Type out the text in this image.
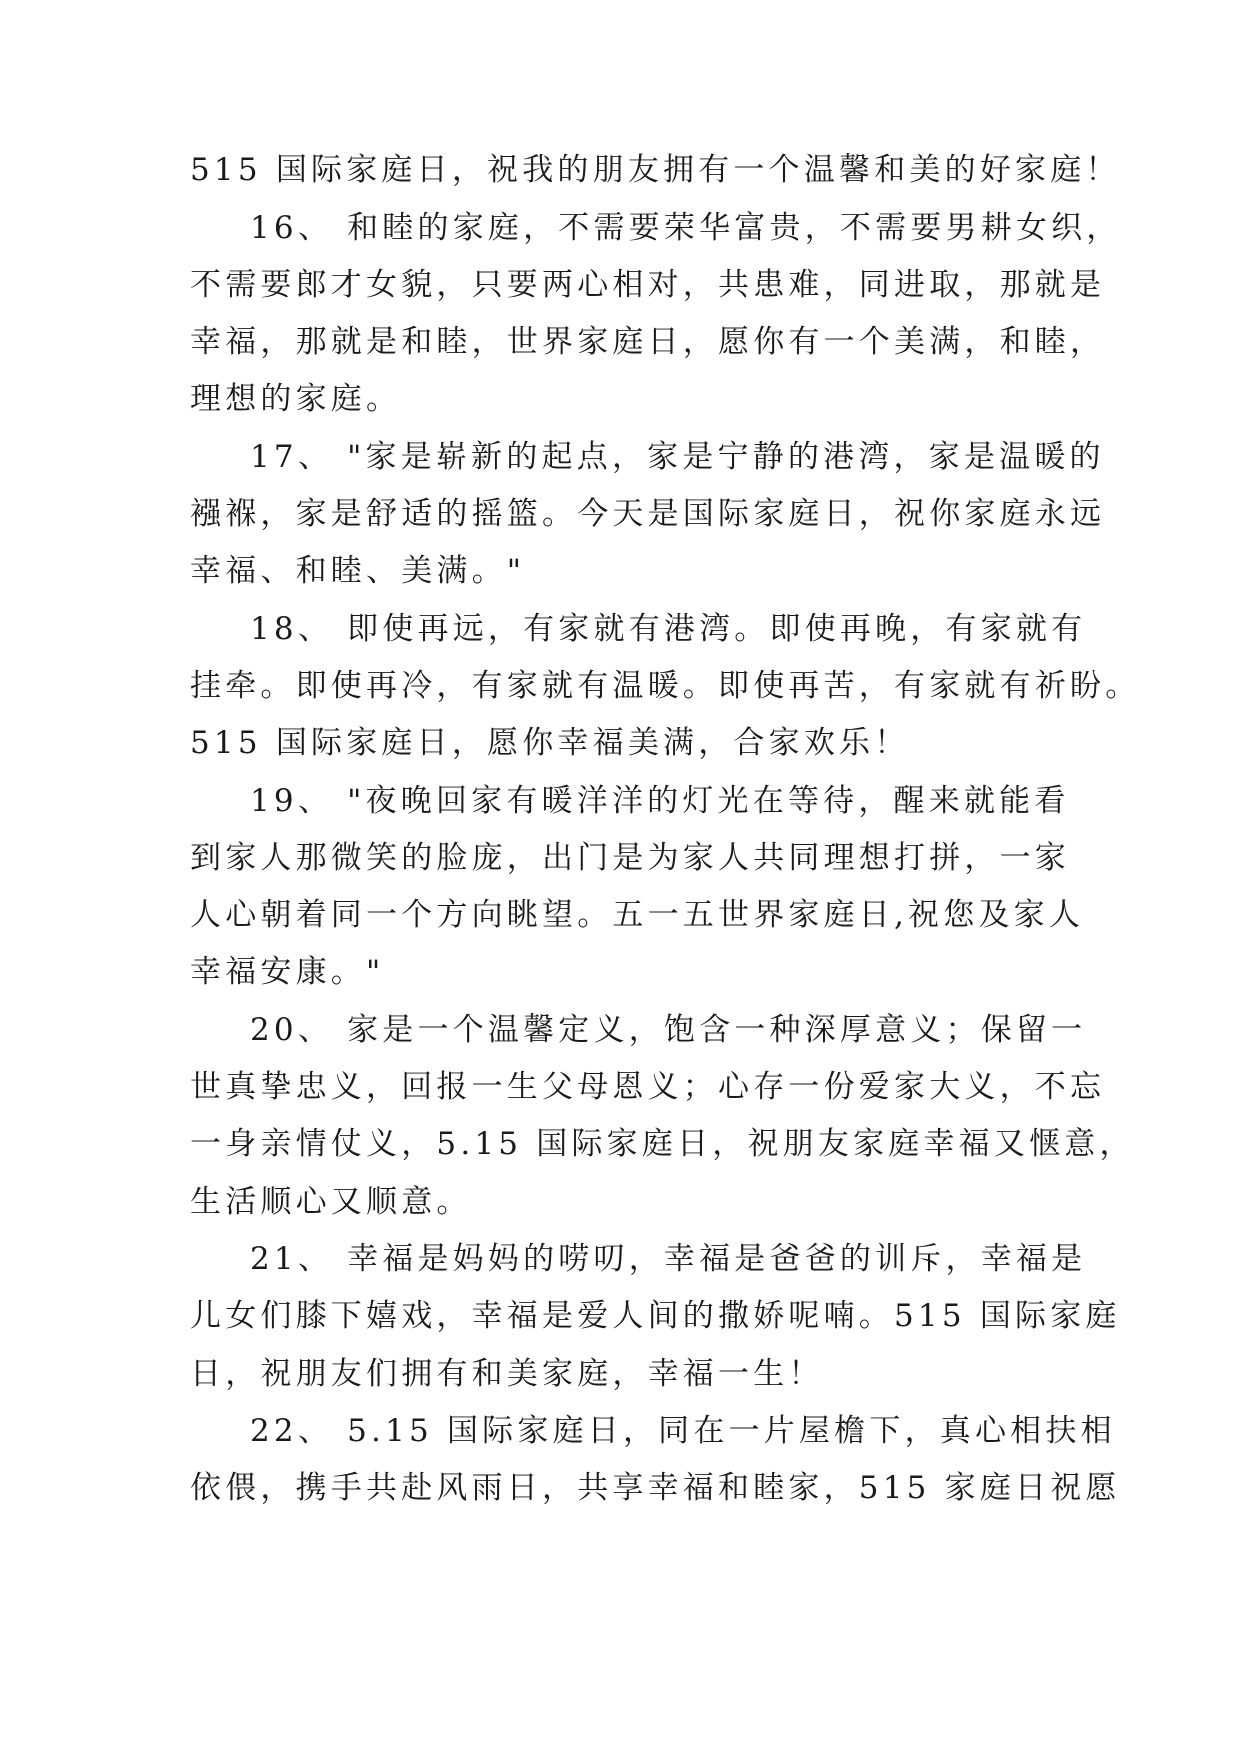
515 国际家庭日，祝我的朋友拥有一个温馨和美的好家庭！
16、 和睦的家庭，不需要荣华富贵，不需要男耕女织，
不需要郎才女貌，只要两心相对，共患难，同进取，那就是
幸福，那就是和睦，世界家庭日，愿你有一个美满，和睦，
理想的家庭。
17、 "家是崭新的起点，家是宁静的港湾，家是温暖的
襁褓，家是舒适的摇篮。今天是国际家庭日，祝你家庭永远
幸福、和睦、美满。"
18、 即使再远，有家就有港湾。即使再晚，有家就有
挂牵。即使再冷，有家就有温暖。即使再苦，有家就有祈盼。
515 国际家庭日，愿你幸福美满，合家欢乐！
19、 "夜晚回家有暖洋洋的灯光在等待，醒来就能看
到家人那微笑的脸庞，出门是为家人共同理想打拼，一家
人心朝着同一个方向眺望。五一五世界家庭日,祝您及家人
幸福安康。"
20、 家是一个温馨定义，饱含一种深厚意义；保留一
世真挚忠义，回报一生父母恩义；心存一份爱家大义，不忘
一身亲情仗义，5.15 国际家庭日，祝朋友家庭幸福又惬意，
生活顺心又顺意。
21、 幸福是妈妈的唠叨，幸福是爸爸的训斥，幸福是
儿女们膝下嬉戏，幸福是爱人间的撒娇呢喃。515 国际家庭
日，祝朋友们拥有和美家庭，幸福一生！
22、 5.15 国际家庭日，同在一片屋檐下，真心相扶相
依偎，携手共赴风雨日，共享幸福和睦家，515 家庭日祝愿
